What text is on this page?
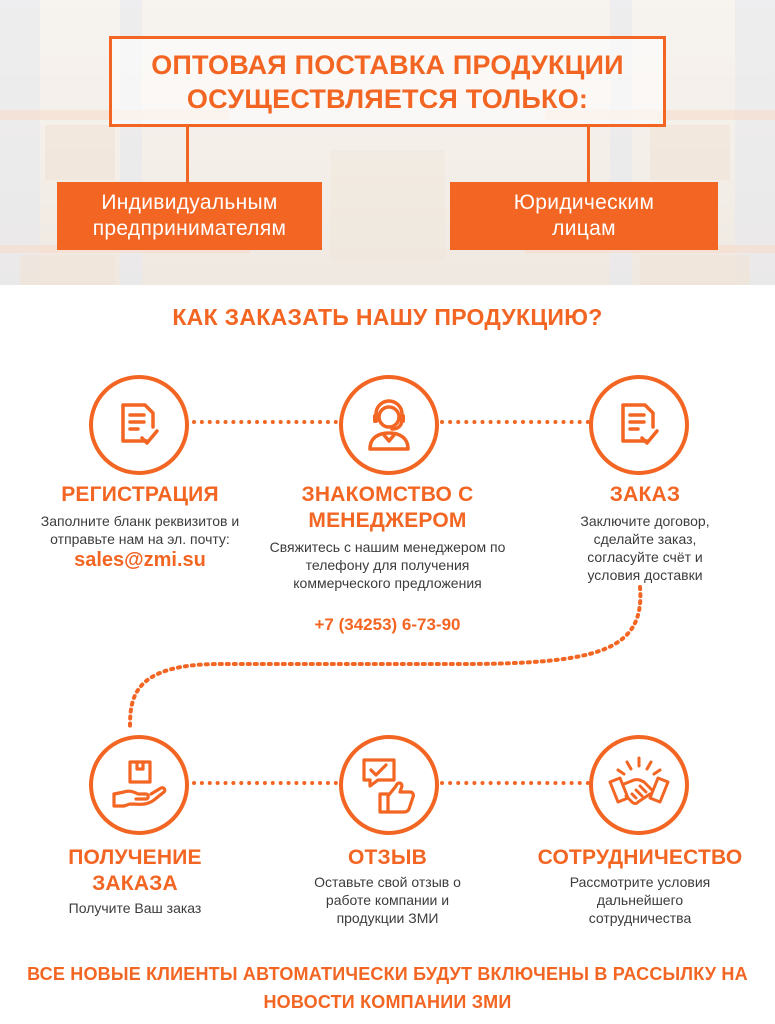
ОПТОВАЯ ПОСТАВКА ПРОДУКЦИИ ОСУЩЕСТВЛЯЕТСЯ ТОЛЬКО:
Индивидуальным предпринимателям
Юридическим лицам
КАК ЗАКАЗАТЬ НАШУ ПРОДУКЦИЮ?
РЕГИСТРАЦИЯ
Заполните бланк реквизитов и отправьте нам на эл. почту:
sales@zmi.su
ЗНАКОМСТВО С МЕНЕДЖЕРОМ
Свяжитесь с нашим менеджером по телефону для получения коммерческого предложения
+7 (34253) 6-73-90
ЗАКАЗ
Заключите договор, сделайте заказ, согласуйте счёт и условия доставки
ПОЛУЧЕНИЕ ЗАКАЗА
Получите Ваш заказ
ОТЗЫВ
Оставьте свой отзыв о работе компании и продукции ЗМИ
СОТРУДНИЧЕСТВО
Рассмотрите условия дальнейшего сотрудничества
ВСЕ НОВЫЕ КЛИЕНТЫ АВТОМАТИЧЕСКИ БУДУТ ВКЛЮЧЕНЫ В РАССЫЛКУ НА НОВОСТИ КОМПАНИИ ЗМИ
